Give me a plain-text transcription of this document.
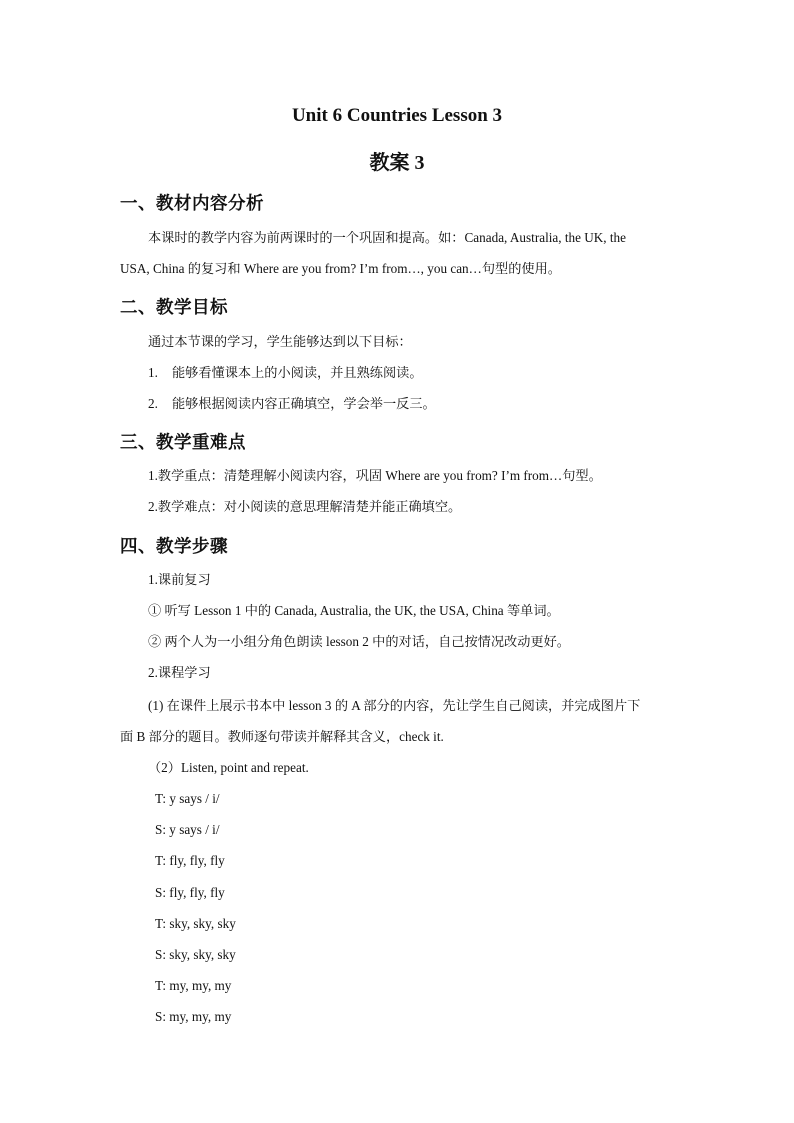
Unit 6 Countries Lesson 3
教案 3
一、教材内容分析
本课时的教学内容为前两课时的一个巩固和提高。如：Canada, Australia, the UK, the
USA, China 的复习和 Where are you from? I’m from…, you can…句型的使用。
二、教学目标
通过本节课的学习，学生能够达到以下目标：
1. 能够看懂课本上的小阅读，并且熟练阅读。
2. 能够根据阅读内容正确填空，学会举一反三。
三、教学重难点
1.教学重点：清楚理解小阅读内容，巩固 Where are you from? I’m from…句型。
2.教学难点：对小阅读的意思理解清楚并能正确填空。
四、教学步骤
1.课前复习
① 听写 Lesson 1 中的 Canada, Australia, the UK, the USA, China 等单词。
② 两个人为一小组分角色朗读 lesson 2 中的对话，自己按情况改动更好。
2.课程学习
(1) 在课件上展示书本中 lesson 3 的 A 部分的内容，先让学生自己阅读，并完成图片下
面 B 部分的题目。教师逐句带读并解释其含义，check it.
（2）Listen, point and repeat.
T: y says / i/
S: y says / i/
T: fly, fly, fly
S: fly, fly, fly
T: sky, sky, sky
S: sky, sky, sky
T: my, my, my
S: my, my, my
